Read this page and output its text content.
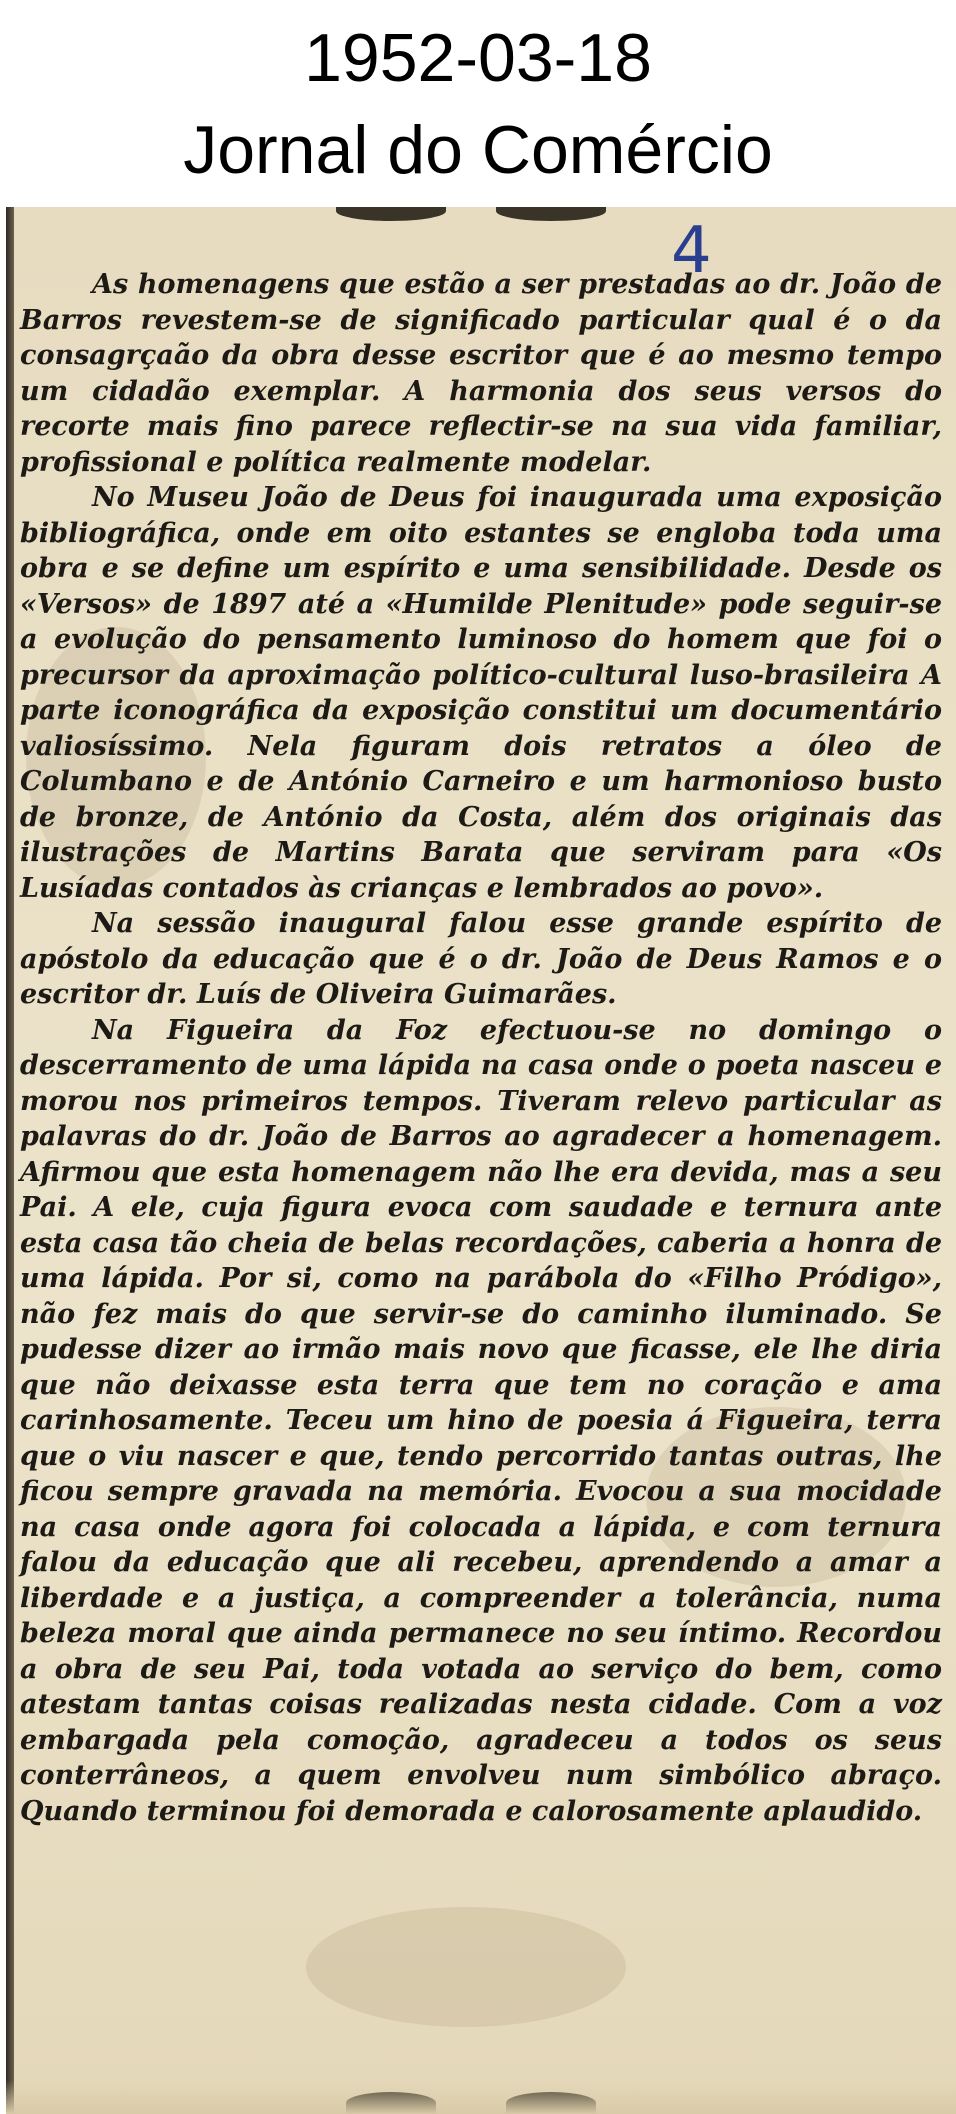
1952-03-18
Jornal do Comércio
4

As homenagens que estão a ser prestadas ao dr. João de Barros revestem-se de significado particular qual é o da consagrçaão da obra desse escritor que é ao mesmo tempo um cidadão exemplar. A harmonia dos seus versos do recorte mais fino parece reflectir-se na sua vida familiar, profissional e política realmente modelar.

No Museu João de Deus foi inaugurada uma exposição bibliográfica, onde em oito estantes se engloba toda uma obra e se define um espírito e uma sensibilidade. Desde os «Versos» de 1897 até a «Humilde Plenitude» pode seguir-se a evolução do pensamento luminoso do homem que foi o precursor da aproximação político-cultural luso-brasileira A parte iconográfica da exposição constitui um documentário valiosíssimo. Nela figuram dois retratos a óleo de Columbano e de António Carneiro e um harmonioso busto de bronze, de António da Costa, além dos originais das ilustrações de Martins Barata que serviram para «Os Lusíadas contados às crianças e lembrados ao povo».

Na sessão inaugural falou esse grande espírito de apóstolo da educação que é o dr. João de Deus Ramos e o escritor dr. Luís de Oliveira Guimarães.

Na Figueira da Foz efectuou-se no domingo o descerramento de uma lápida na casa onde o poeta nasceu e morou nos primeiros tempos. Tiveram relevo particular as palavras do dr. João de Barros ao agradecer a homenagem. Afirmou que esta homenagem não lhe era devida, mas a seu Pai. A ele, cuja figura evoca com saudade e ternura ante esta casa tão cheia de belas recordações, caberia a honra de uma lápida. Por si, como na parábola do «Filho Pródigo», não fez mais do que servir-se do caminho iluminado. Se pudesse dizer ao irmão mais novo que ficasse, ele lhe diria que não deixasse esta terra que tem no coração e ama carinhosamente. Teceu um hino de poesia á Figueira, terra que o viu nascer e que, tendo percorrido tantas outras, lhe ficou sempre gravada na memória. Evocou a sua mocidade na casa onde agora foi colocada a lápida, e com ternura falou da educação que ali recebeu, aprendendo a amar a liberdade e a justiça, a compreender a tolerância, numa beleza moral que ainda permanece no seu íntimo. Recordou a obra de seu Pai, toda votada ao serviço do bem, como atestam tantas coisas realizadas nesta cidade. Com a voz embargada pela comoção, agradeceu a todos os seus conterrâneos, a quem envolveu num simbólico abraço. Quando terminou foi demorada e calorosamente aplaudido.
